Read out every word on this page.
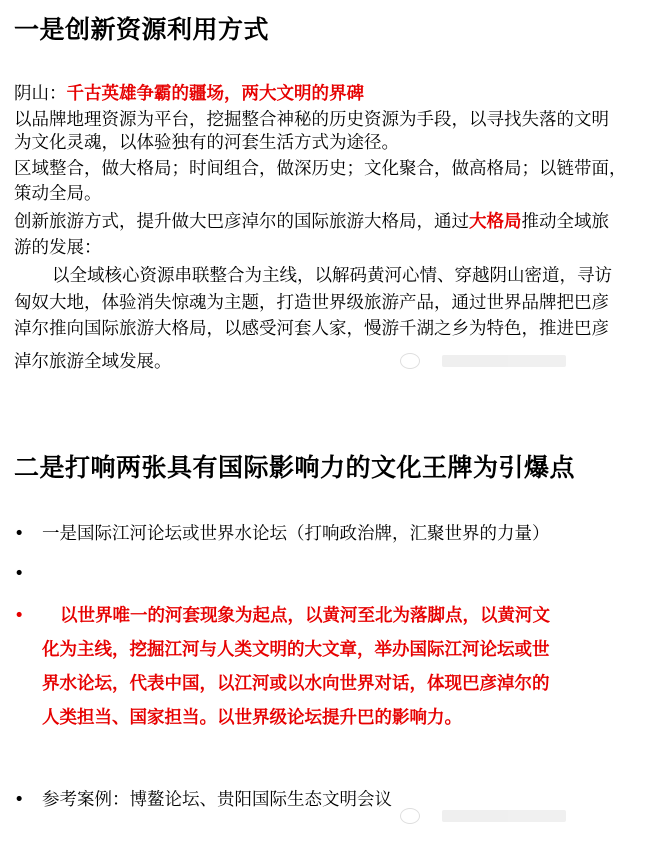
一是创新资源利用方式
阴山：千古英雄争霸的疆场，两大文明的界碑
以品牌地理资源为平台，挖掘整合神秘的历史资源为手段，以寻找失落的文明
为文化灵魂，以体验独有的河套生活方式为途径。
区域整合，做大格局；时间组合，做深历史；文化聚合，做高格局；以链带面，
策动全局。
创新旅游方式，提升做大巴彦淖尔的国际旅游大格局，通过大格局推动全域旅
游的发展：
以全域核心资源串联整合为主线，以解码黄河心情、穿越阴山密道，寻访
匈奴大地，体验消失惊魂为主题，打造世界级旅游产品，通过世界品牌把巴彦
淖尔推向国际旅游大格局，以感受河套人家，慢游千湖之乡为特色，推进巴彦
淖尔旅游全域发展。
二是打响两张具有国际影响力的文化王牌为引爆点
•	一是国际江河论坛或世界水论坛（打响政治牌，汇聚世界的力量）
•
•	以世界唯一的河套现象为起点，以黄河至北为落脚点，以黄河文
化为主线，挖掘江河与人类文明的大文章，举办国际江河论坛或世
界水论坛，代表中国，以江河或以水向世界对话，体现巴彦淖尔的
人类担当、国家担当。以世界级论坛提升巴的影响力。
•	参考案例：博鳌论坛、贵阳国际生态文明会议
